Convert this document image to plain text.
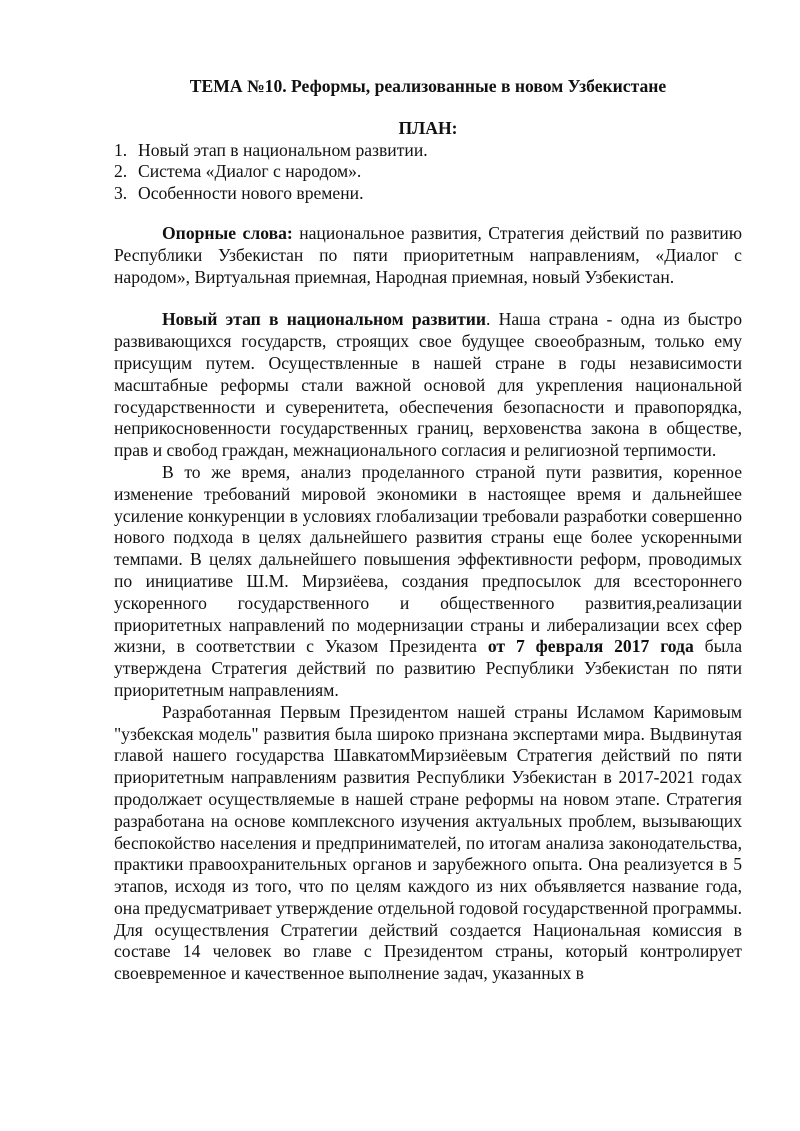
ТЕМА №10. Реформы, реализованные в новом Узбекистане
ПЛАН:
1. Новый этап в национальном развитии.
2. Система «Диалог с народом».
3. Особенности нового времени.

Опорные слова: национальное развития, Стратегия действий по развитию Республики Узбекистан по пяти приоритетным направлениям, «Диалог с народом», Виртуальная приемная, Народная приемная, новый Узбекистан.

Новый этап в национальном развитии. Наша страна - одна из быстро развивающихся государств, строящих свое будущее своеобразным, только ему присущим путем. Осуществленные в нашей стране в годы независимости масштабные реформы стали важной основой для укрепления национальной государственности и суверенитета, обеспечения безопасности и правопорядка, неприкосновенности государственных границ, верховенства закона в обществе, прав и свобод граждан, межнационального согласия и религиозной терпимости.

В то же время, анализ проделанного страной пути развития, коренное изменение требований мировой экономики в настоящее время и дальнейшее усиление конкуренции в условиях глобализации требовали разработки совершенно нового подхода в целях дальнейшего развития страны еще более ускоренными темпами. В целях дальнейшего повышения эффективности реформ, проводимых по инициативе Ш.М. Мирзиёева, создания предпосылок для всестороннего ускоренного государственного и общественного развития,реализации приоритетных направлений по модернизации страны и либерализации всех сфер жизни, в соответствии с Указом Президента от 7 февраля 2017 года была утверждена Стратегия действий по развитию Республики Узбекистан по пяти приоритетным направлениям.

Разработанная Первым Президентом нашей страны Исламом Каримовым "узбекская модель" развития была широко признана экспертами мира. Выдвинутая главой нашего государства ШавкатомМирзиёевым Стратегия действий по пяти приоритетным направлениям развития Республики Узбекистан в 2017-2021 годах продолжает осуществляемые в нашей стране реформы на новом этапе. Стратегия разработана на основе комплексного изучения актуальных проблем, вызывающих беспокойство населения и предпринимателей, по итогам анализа законодательства, практики правоохранительных органов и зарубежного опыта. Она реализуется в 5 этапов, исходя из того, что по целям каждого из них объявляется название года, она предусматривает утверждение отдельной годовой государственной программы. Для осуществления Стратегии действий создается Национальная комиссия в составе 14 человек во главе с Президентом страны, который контролирует своевременное и качественное выполнение задач, указанных в
